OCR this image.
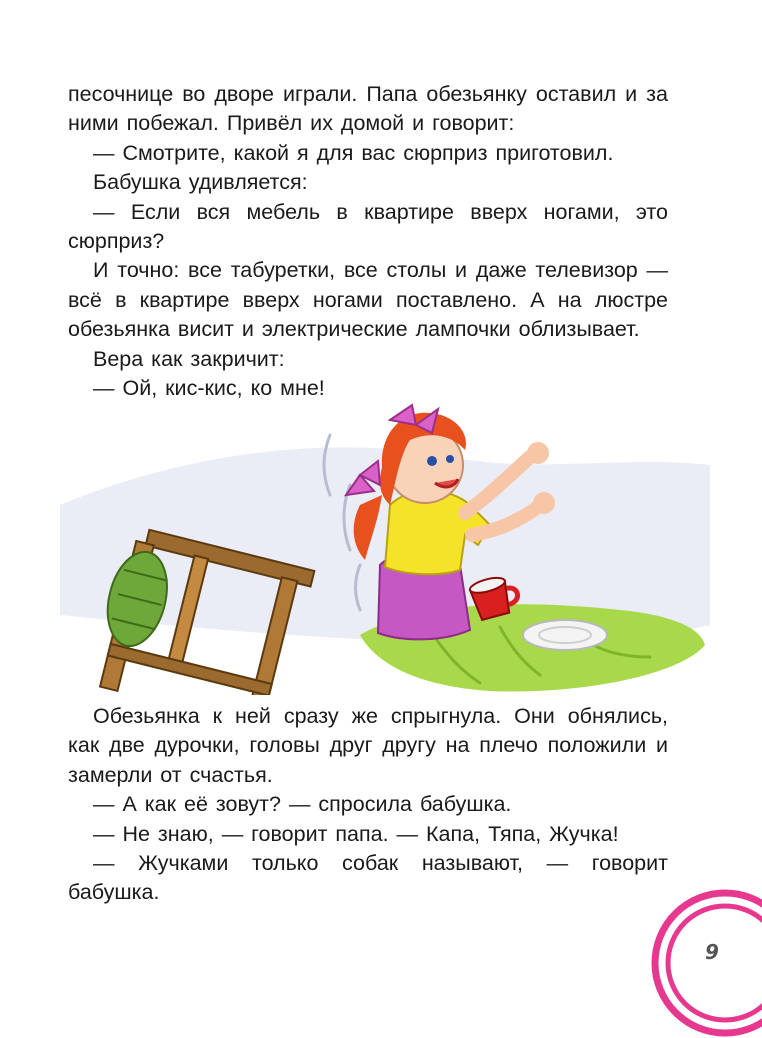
песочнице во дворе играли. Папа обезьянку оставил и за ними побежал. Привёл их домой и говорит:

— Смотрите, какой я для вас сюрприз приготовил.

Бабушка удивляется:

— Если вся мебель в квартире вверх ногами, это сюрприз?

И точно: все табуретки, все столы и даже телевизор — всё в квартире вверх ногами поставлено. А на люстре обезьянка висит и электрические лампочки облизывает.

Вера как закричит:

— Ой, кис-кис, ко мне!

Обезьянка к ней сразу же спрыгнула. Они обнялись, как две дурочки, головы друг другу на плечо положили и замерли от счастья.

— А как её зовут? — спросила бабушка.

— Не знаю, — говорит папа. — Капа, Тяпа, Жучка!

— Жучками только собак называют, — говорит бабушка.

9
